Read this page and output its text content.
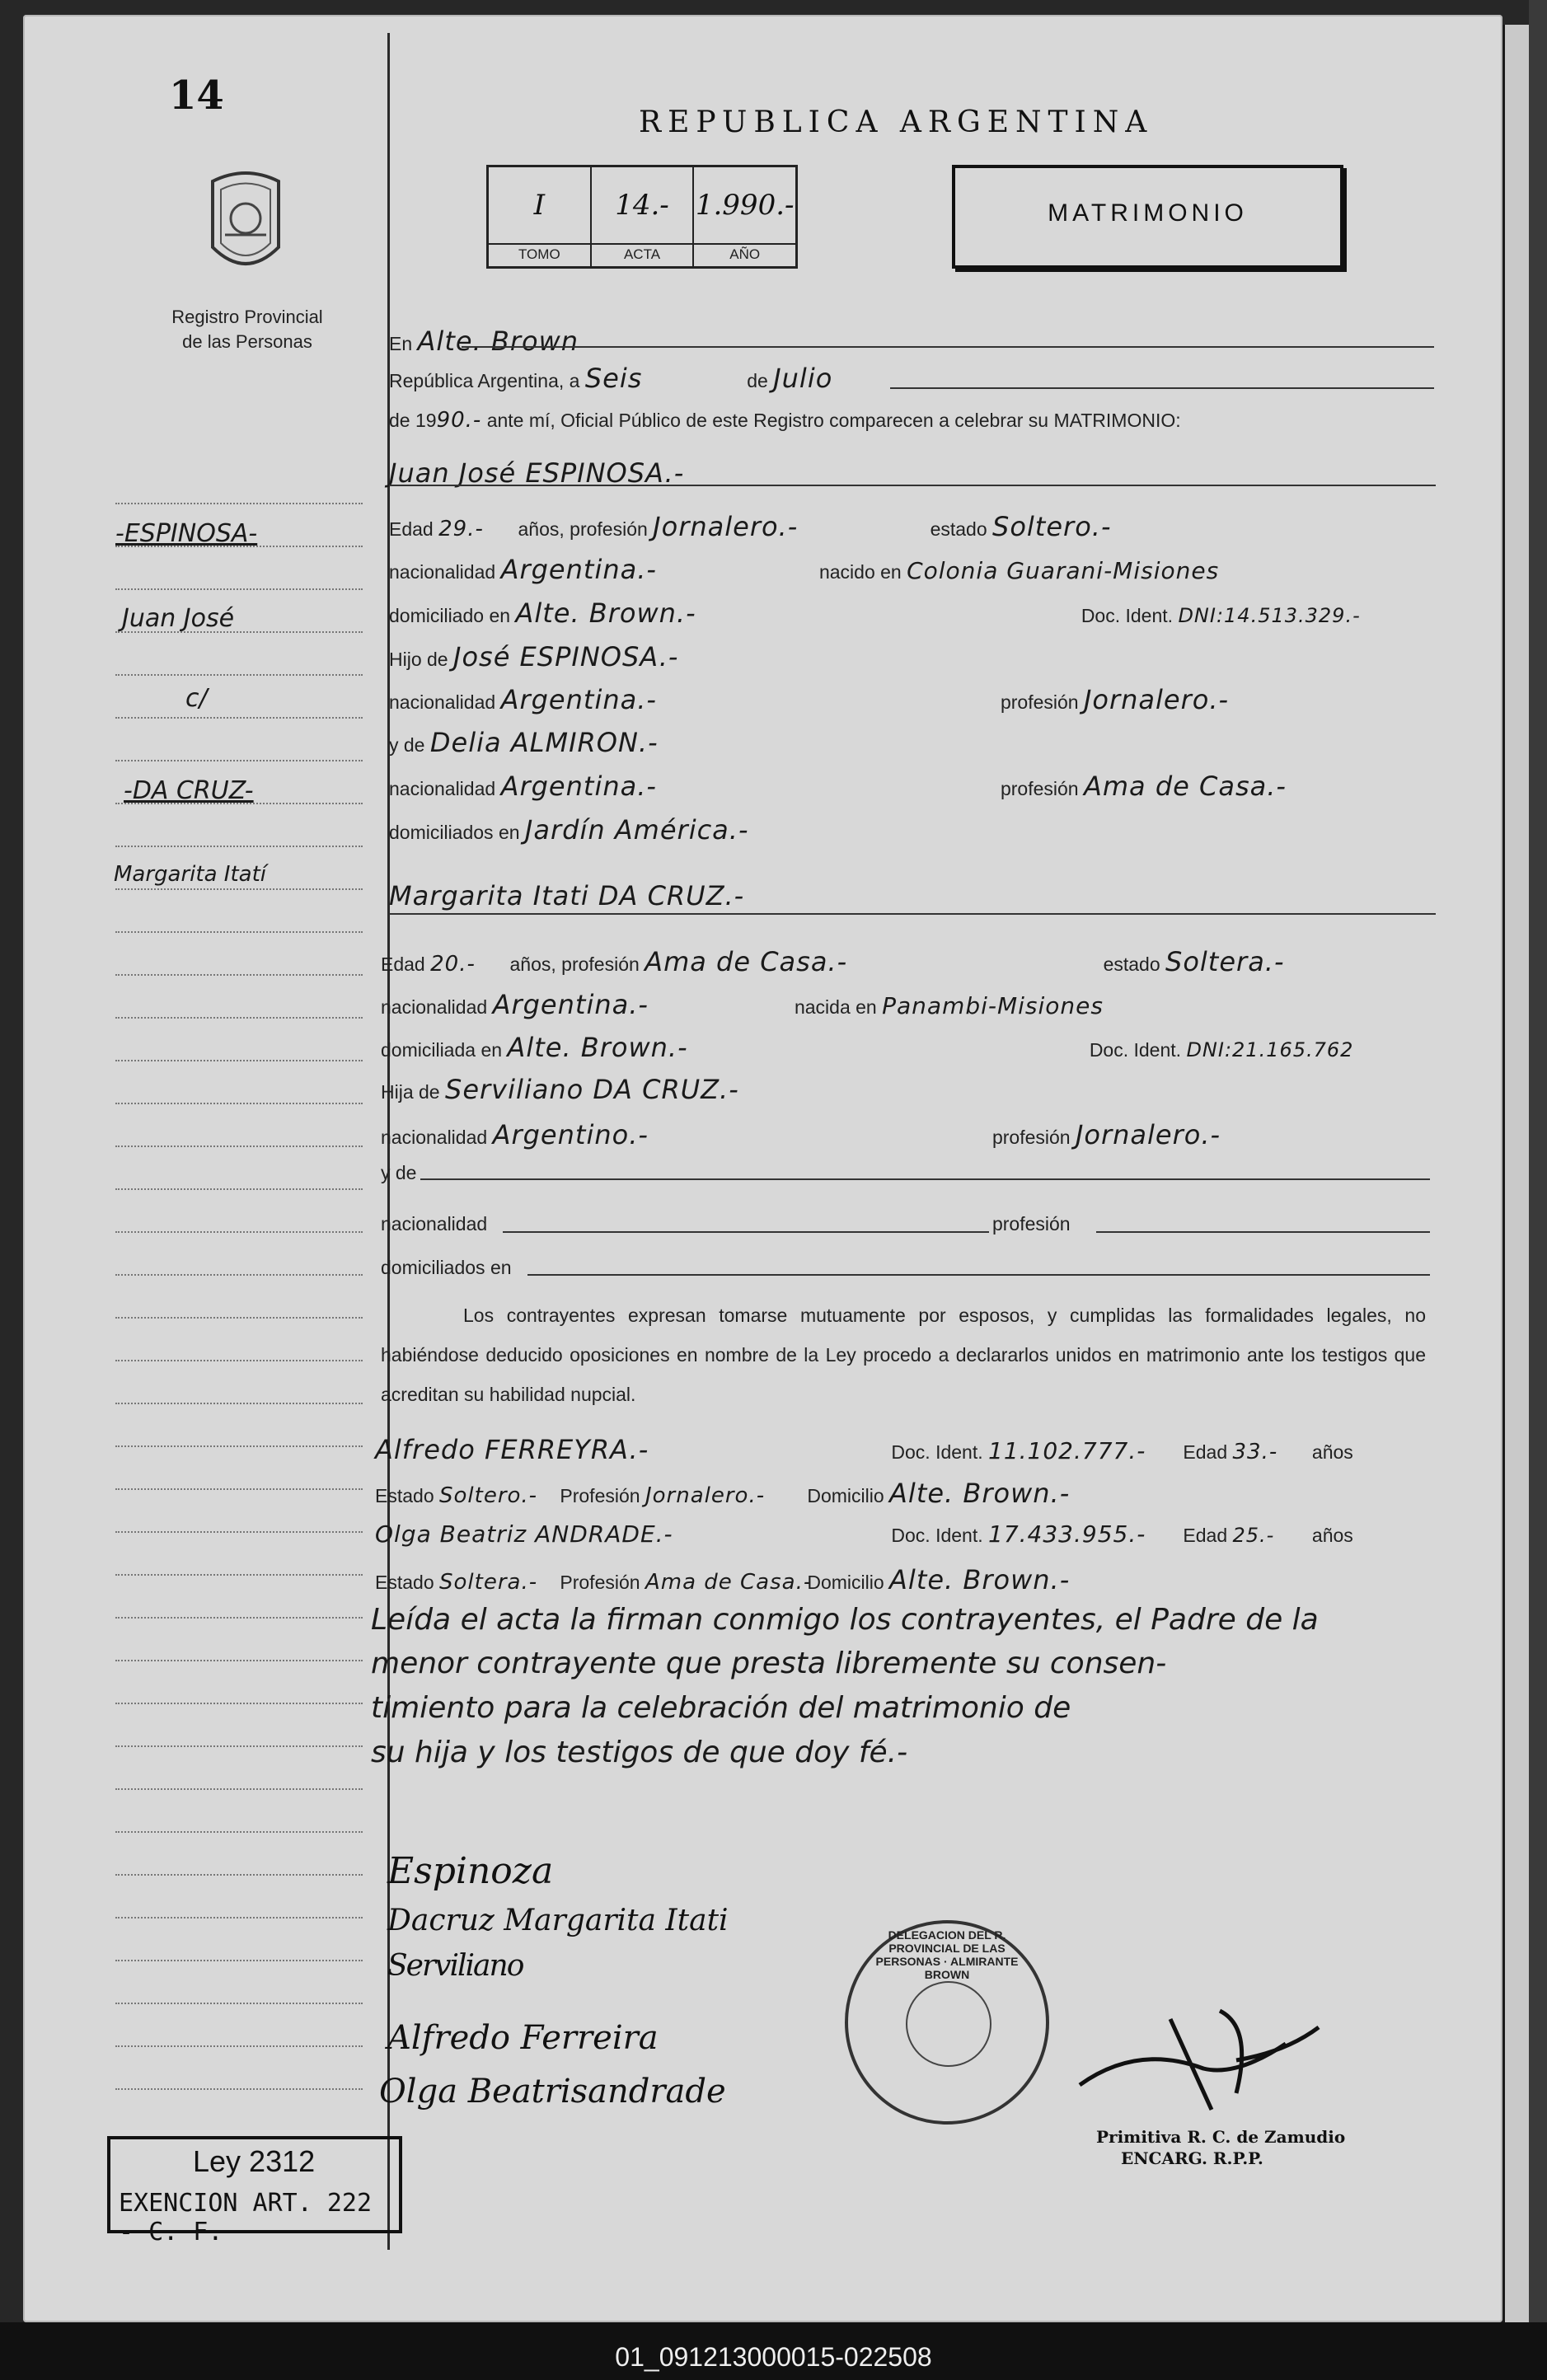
14
Registro Provincial
de las Personas
REPUBLICA ARGENTINA
I
TOMO
14.-
ACTA
1.990.-
AÑO
MATRIMONIO
-ESPINOSA-
Juan José
c/
-DA CRUZ-
Margarita Itatí
En Alte. Brown
República Argentina, a Seis	de Julio
de 1990.- ante mí, Oficial Público de este Registro comparecen a celebrar su MATRIMONIO:
Juan José ESPINOSA.-
Edad 29.- años, profesión Jornalero.-	estado Soltero.-
nacionalidad Argentina.-	nacido en Colonia Guarani-Misiones
domiciliado en Alte. Brown.-	Doc. Ident. DNI:14.513.329.-
Hijo de José ESPINOSA.-
nacionalidad Argentina.-	profesión Jornalero.-
y de Delia ALMIRON.-
nacionalidad Argentina.-	profesión Ama de Casa.-
domiciliados en Jardín América.-
Margarita Itati DA CRUZ.-
Edad 20.- años, profesión Ama de Casa.-	estado Soltera.-
nacionalidad Argentina.-	nacida en Panambi-Misiones
domiciliada en Alte. Brown.-	Doc. Ident. DNI:21.165.762
Hija de Serviliano DA CRUZ.-
nacionalidad Argentino.-	profesión Jornalero.-
y de
nacionalidad	profesión
domiciliados en
Los contrayentes expresan tomarse mutuamente por esposos, y cumplidas las formalidades legales, no habiéndose deducido oposiciones en nombre de la Ley procedo a declararlos unidos en matrimonio ante los testigos que acreditan su habilidad nupcial.
Alfredo FERREYRA.-	Doc. Ident. 11.102.777.- Edad 33.- años
Estado Soltero.- Profesión Jornalero.- Domicilio Alte. Brown.-
Olga Beatriz ANDRADE.-	Doc. Ident. 17.433.955.- Edad 25.- años
Estado Soltera.- Profesión Ama de Casa.- Domicilio Alte. Brown.-
Leída el acta la firman conmigo los contrayentes, el Padre de la
menor contrayente que presta libremente su consen-
timiento para la celebración del matrimonio de
su hija y los testigos de que doy fé.-
Espinoza
Dacruz Margarita Itati
Serviliano
Alfredo Ferreira
Olga Beatrisandrade
DELEGACION DEL R. PROVINCIAL DE LAS PERSONAS · ALMIRANTE BROWN
Primitiva R. C. de Zamudio
ENCARG. R.P.P.
Ley 2312
EXENCION ART. 222 - C. F.
01_091213000015-022508
